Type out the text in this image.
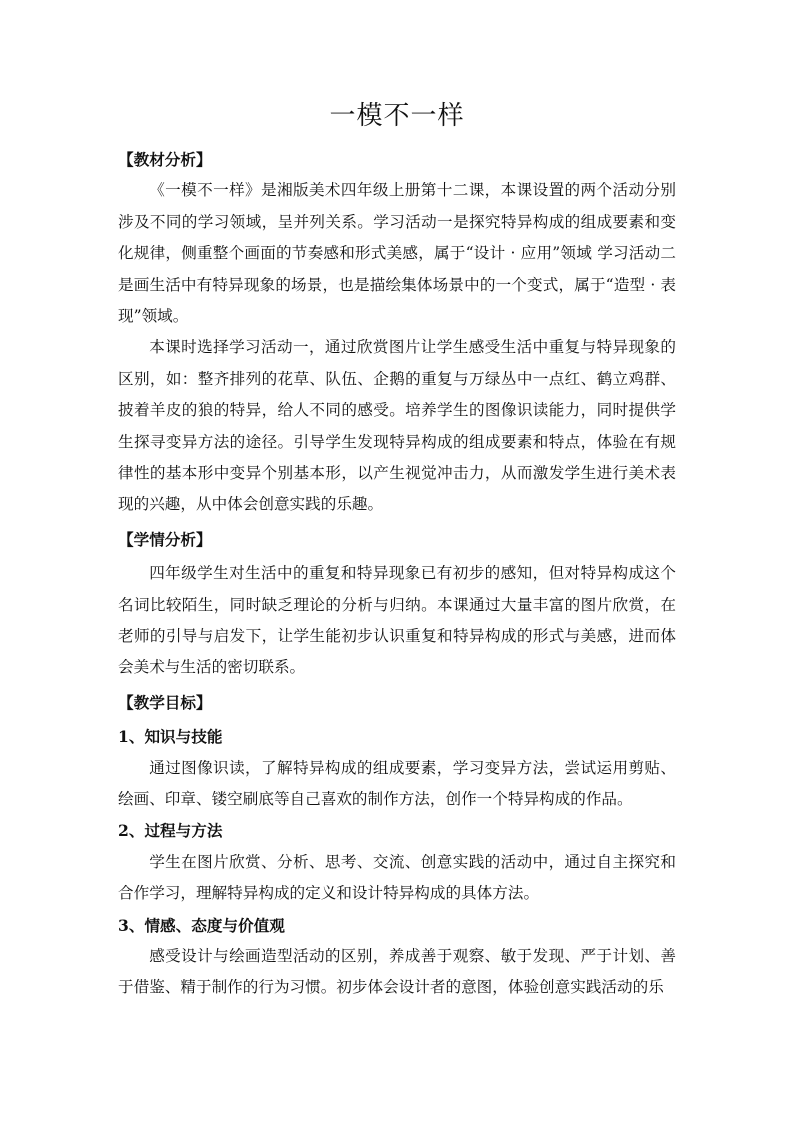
一模不一样
【教材分析】

《一模不一样》是湘版美术四年级上册第十二课，本课设置的两个活动分别涉及不同的学习领域，呈并列关系。学习活动一是探究特异构成的组成要素和变化规律，侧重整个画面的节奏感和形式美感，属于“设计 · 应用”领域 学习活动二是画生活中有特异现象的场景，也是描绘集体场景中的一个变式，属于“造型 · 表现”领域。

本课时选择学习活动一，通过欣赏图片让学生感受生活中重复与特异现象的区别，如：整齐排列的花草、队伍、企鹅的重复与万绿丛中一点红、鹤立鸡群、披着羊皮的狼的特异，给人不同的感受。培养学生的图像识读能力，同时提供学生探寻变异方法的途径。引导学生发现特异构成的组成要素和特点，体验在有规律性的基本形中变异个别基本形，以产生视觉冲击力，从而激发学生进行美术表现的兴趣，从中体会创意实践的乐趣。

【学情分析】

四年级学生对生活中的重复和特异现象已有初步的感知，但对特异构成这个名词比较陌生，同时缺乏理论的分析与归纳。本课通过大量丰富的图片欣赏，在老师的引导与启发下，让学生能初步认识重复和特异构成的形式与美感，进而体会美术与生活的密切联系。

【教学目标】
1、知识与技能

通过图像识读，了解特异构成的组成要素，学习变异方法，尝试运用剪贴、绘画、印章、镂空刷底等自己喜欢的制作方法，创作一个特异构成的作品。

2、过程与方法

学生在图片欣赏、分析、思考、交流、创意实践的活动中，通过自主探究和合作学习，理解特异构成的定义和设计特异构成的具体方法。

3、情感、态度与价值观

感受设计与绘画造型活动的区别，养成善于观察、敏于发现、严于计划、善于借鉴、精于制作的行为习惯。初步体会设计者的意图，体验创意实践活动的乐
